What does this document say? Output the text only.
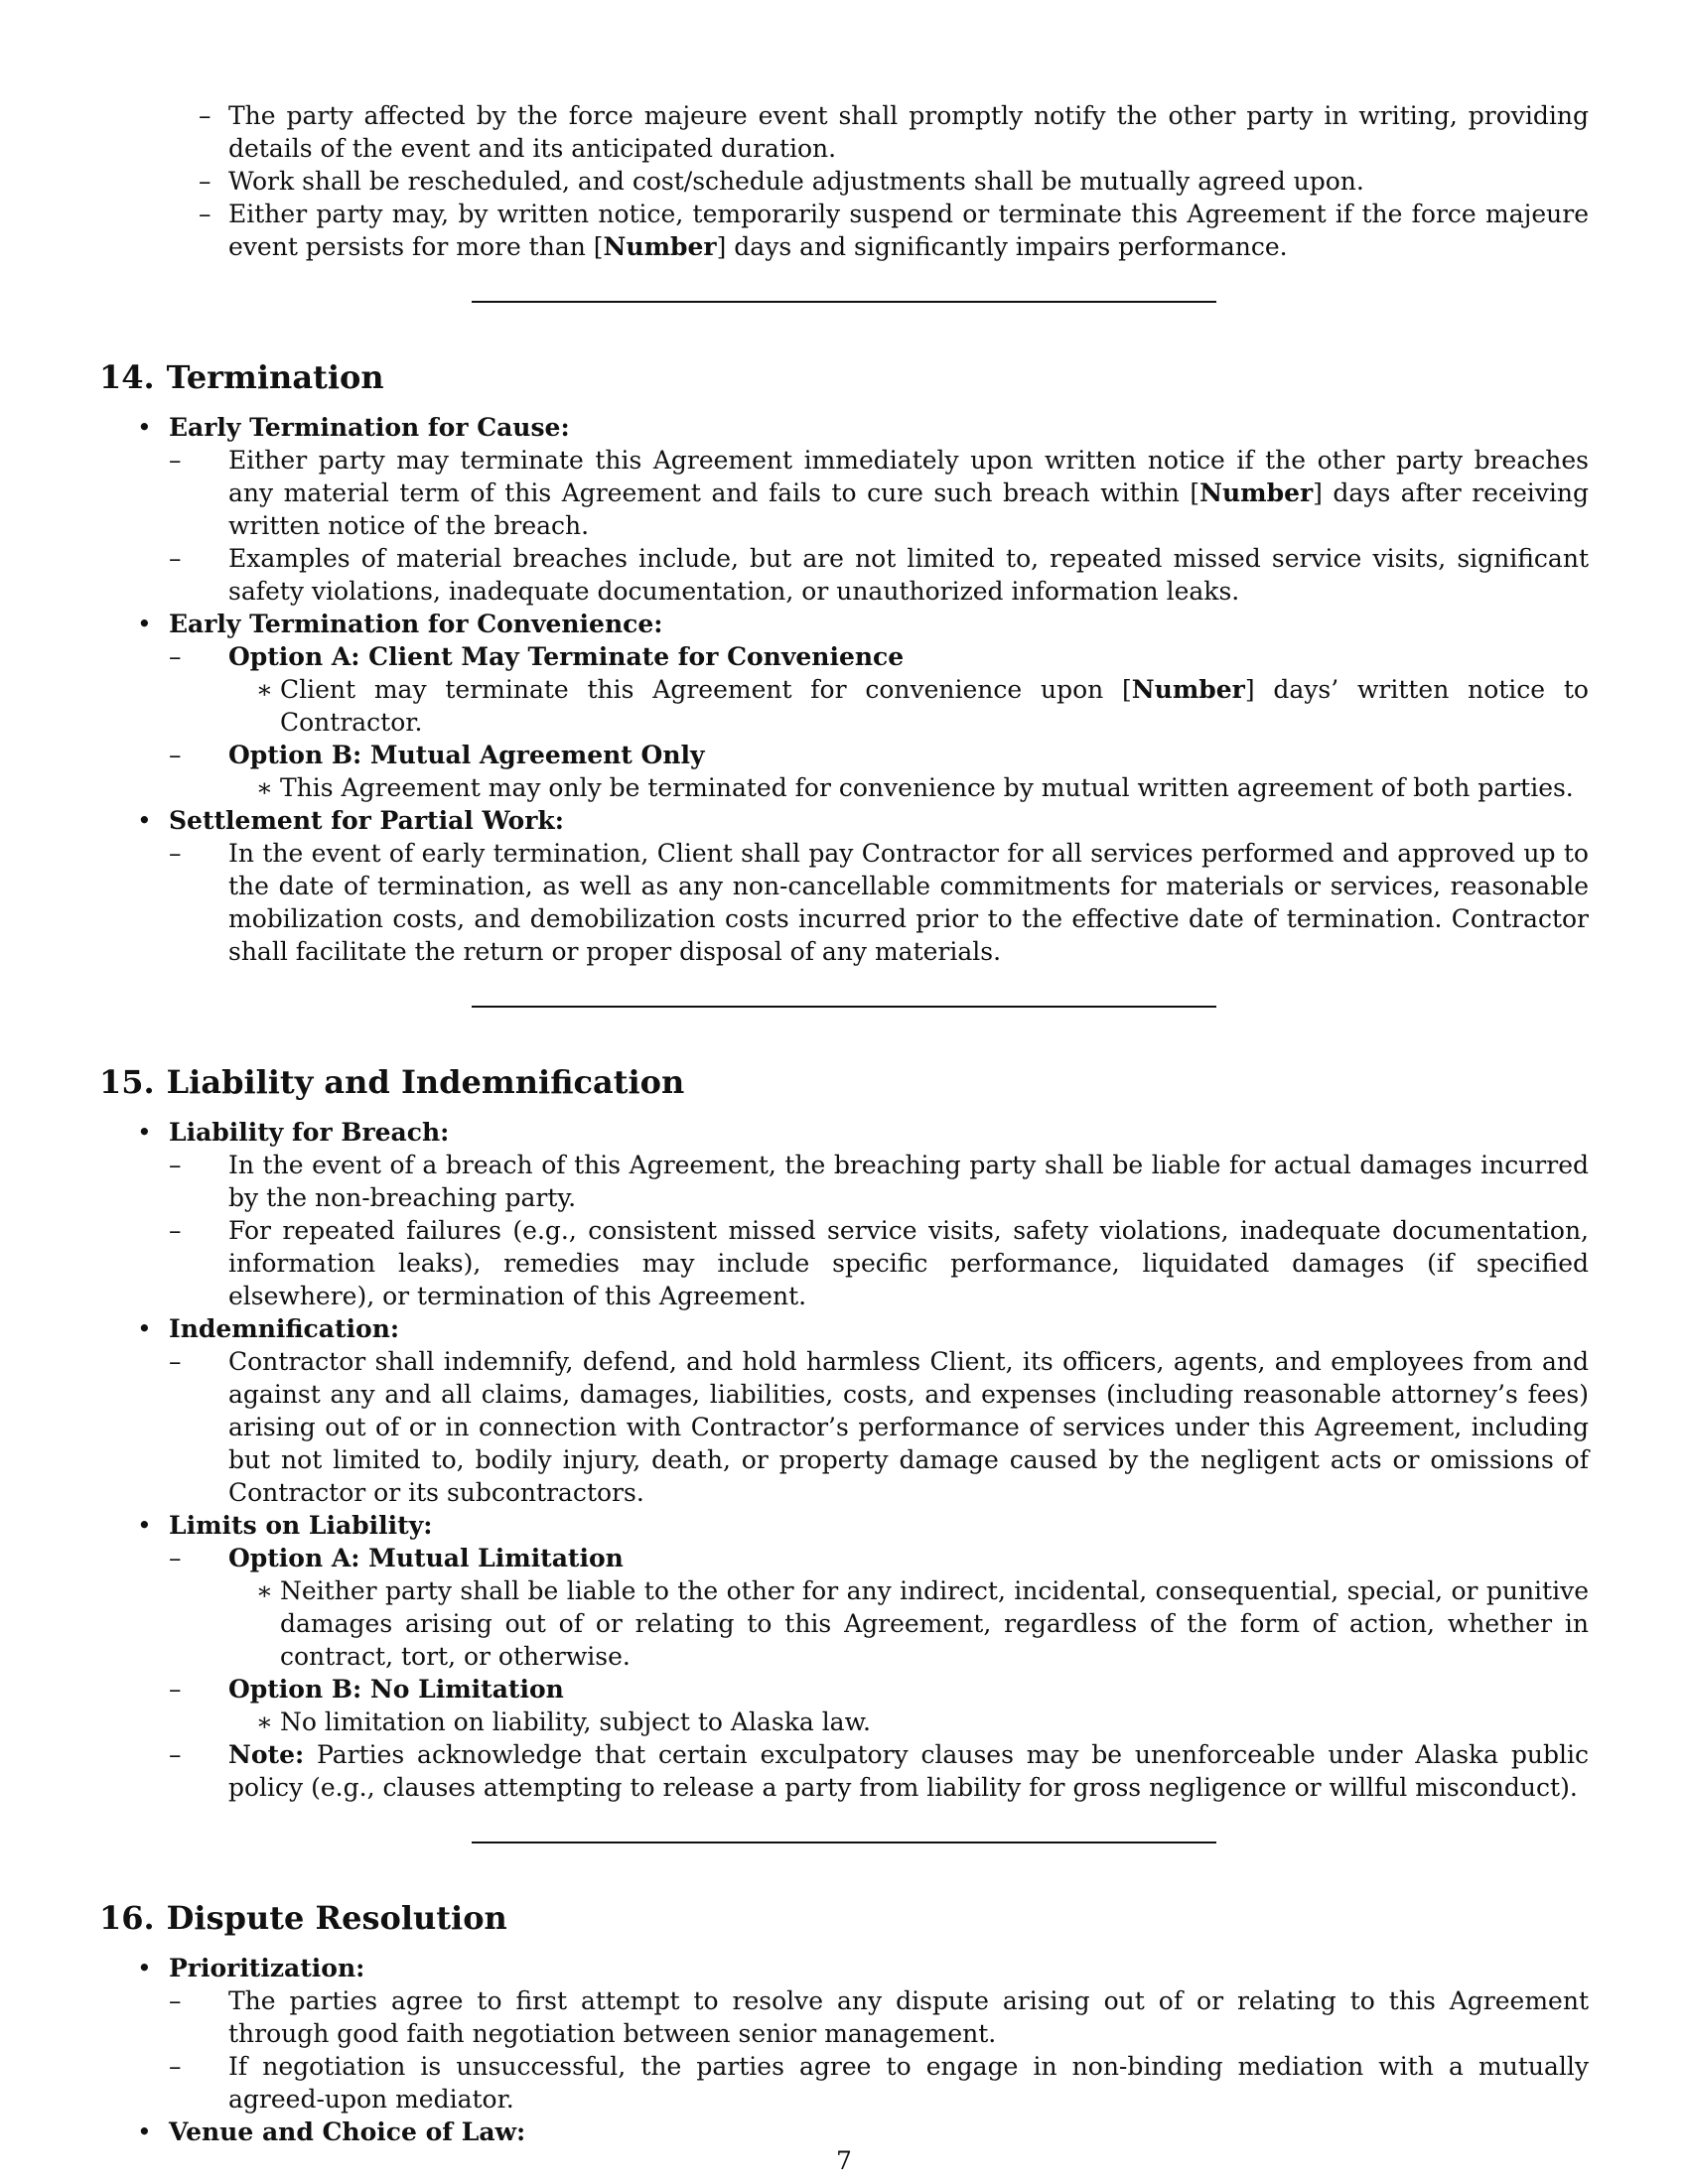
– The party affected by the force majeure event shall promptly notify the other party in writing, providing details of the event and its anticipated duration.
– Work shall be rescheduled, and cost/schedule adjustments shall be mutually agreed upon.
– Either party may, by written notice, temporarily suspend or terminate this Agreement if the force majeure event persists for more than [Number] days and significantly impairs performance.
14. Termination
• Early Termination for Cause:
– Either party may terminate this Agreement immediately upon written notice if the other party breaches any material term of this Agreement and fails to cure such breach within [Number] days after receiving written notice of the breach.
– Examples of material breaches include, but are not limited to, repeated missed service visits, significant safety violations, inadequate documentation, or unauthorized information leaks.
• Early Termination for Convenience:
– Option A: Client May Terminate for Convenience
∗ Client may terminate this Agreement for convenience upon [Number] days’ written notice to Contractor.
– Option B: Mutual Agreement Only
∗ This Agreement may only be terminated for convenience by mutual written agreement of both parties.
• Settlement for Partial Work:
– In the event of early termination, Client shall pay Contractor for all services performed and approved up to the date of termination, as well as any non-cancellable commitments for materials or services, reasonable mobilization costs, and demobilization costs incurred prior to the effective date of termination. Contractor shall facilitate the return or proper disposal of any materials.
15. Liability and Indemnification
• Liability for Breach:
– In the event of a breach of this Agreement, the breaching party shall be liable for actual damages incurred by the non-breaching party.
– For repeated failures (e.g., consistent missed service visits, safety violations, inadequate documentation, information leaks), remedies may include specific performance, liquidated damages (if specified elsewhere), or termination of this Agreement.
• Indemnification:
– Contractor shall indemnify, defend, and hold harmless Client, its officers, agents, and employees from and against any and all claims, damages, liabilities, costs, and expenses (including reasonable attorney’s fees) arising out of or in connection with Contractor’s performance of services under this Agreement, including but not limited to, bodily injury, death, or property damage caused by the negligent acts or omissions of Contractor or its subcontractors.
• Limits on Liability:
– Option A: Mutual Limitation
∗ Neither party shall be liable to the other for any indirect, incidental, consequential, special, or punitive damages arising out of or relating to this Agreement, regardless of the form of action, whether in contract, tort, or otherwise.
– Option B: No Limitation
∗ No limitation on liability, subject to Alaska law.
– Note: Parties acknowledge that certain exculpatory clauses may be unenforceable under Alaska public policy (e.g., clauses attempting to release a party from liability for gross negligence or willful misconduct).
16. Dispute Resolution
• Prioritization:
– The parties agree to first attempt to resolve any dispute arising out of or relating to this Agreement through good faith negotiation between senior management.
– If negotiation is unsuccessful, the parties agree to engage in non-binding mediation with a mutually agreed-upon mediator.
• Venue and Choice of Law:
7
